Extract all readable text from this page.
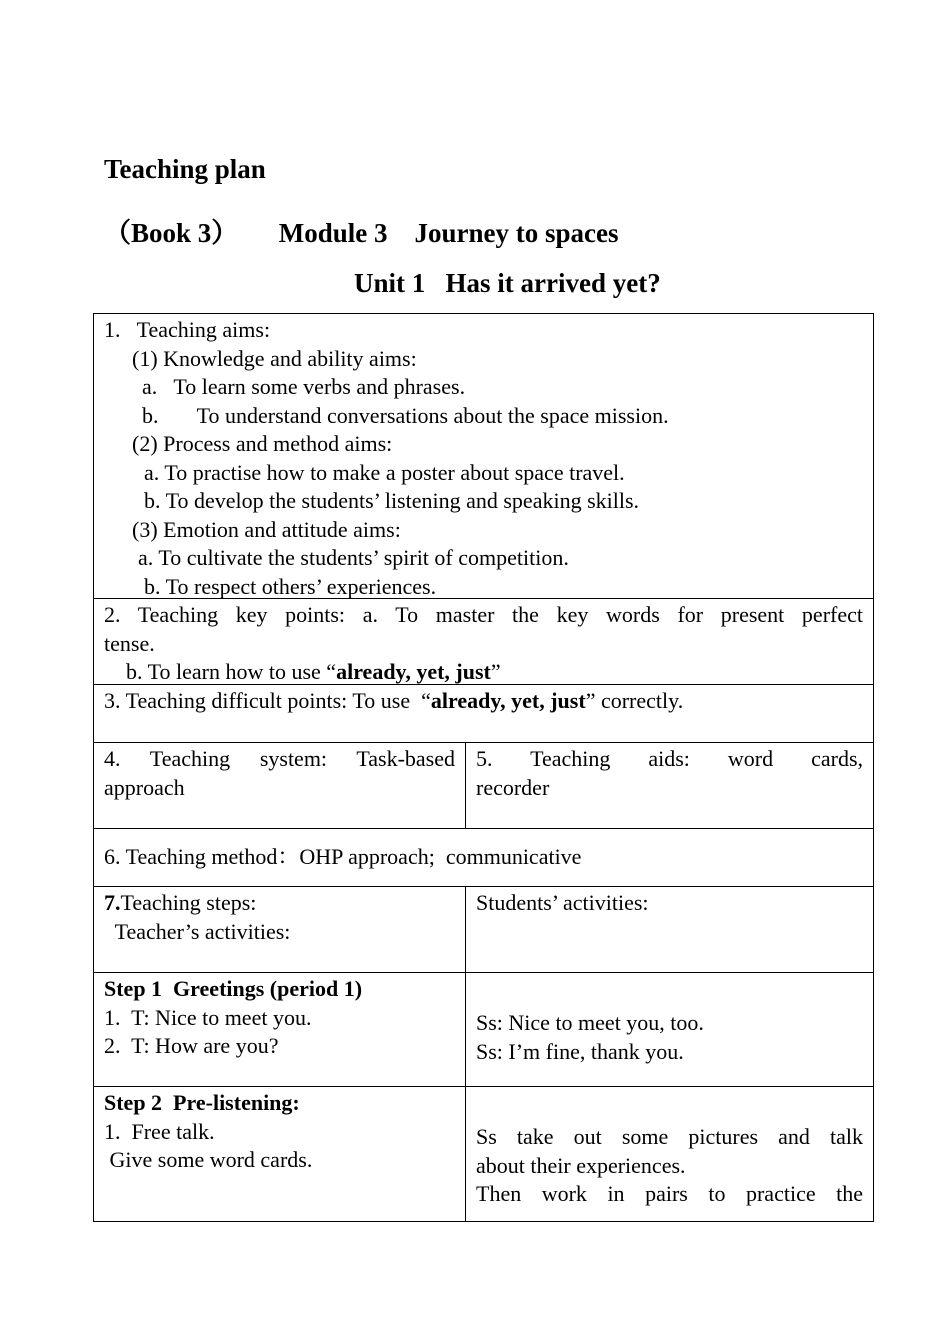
Teaching plan
（Book 3）      Module 3    Journey to spaces
Unit 1   Has it arrived yet?
1.   Teaching aims:
(1) Knowledge and ability aims:
a.   To learn some verbs and phrases.
b.       To understand conversations about the space mission.
(2) Process and method aims:
a. To practise how to make a poster about space travel.
b. To develop the students’ listening and speaking skills.
(3) Emotion and attitude aims:
a. To cultivate the students’ spirit of competition.
b. To respect others’ experiences.
2. Teaching key points: a. To master the key words for present perfect
tense.
b. To learn how to use “already, yet, just”
3. Teaching difficult points: To use  “already, yet, just” correctly.
4. Teaching system: Task-based
approach
5. Teaching aids: word cards,
recorder
6. Teaching method：OHP approach;  communicative
7.Teaching steps:
Teacher’s activities:
Students’ activities:
Step 1  Greetings (period 1)
1.  T: Nice to meet you.
2.  T: How are you?
Ss: Nice to meet you, too.
Ss: I’m fine, thank you.
Step 2  Pre-listening:
1.  Free talk.
Give some word cards.
Ss take out some pictures and talk
about their experiences.
Then work in pairs to practice the
